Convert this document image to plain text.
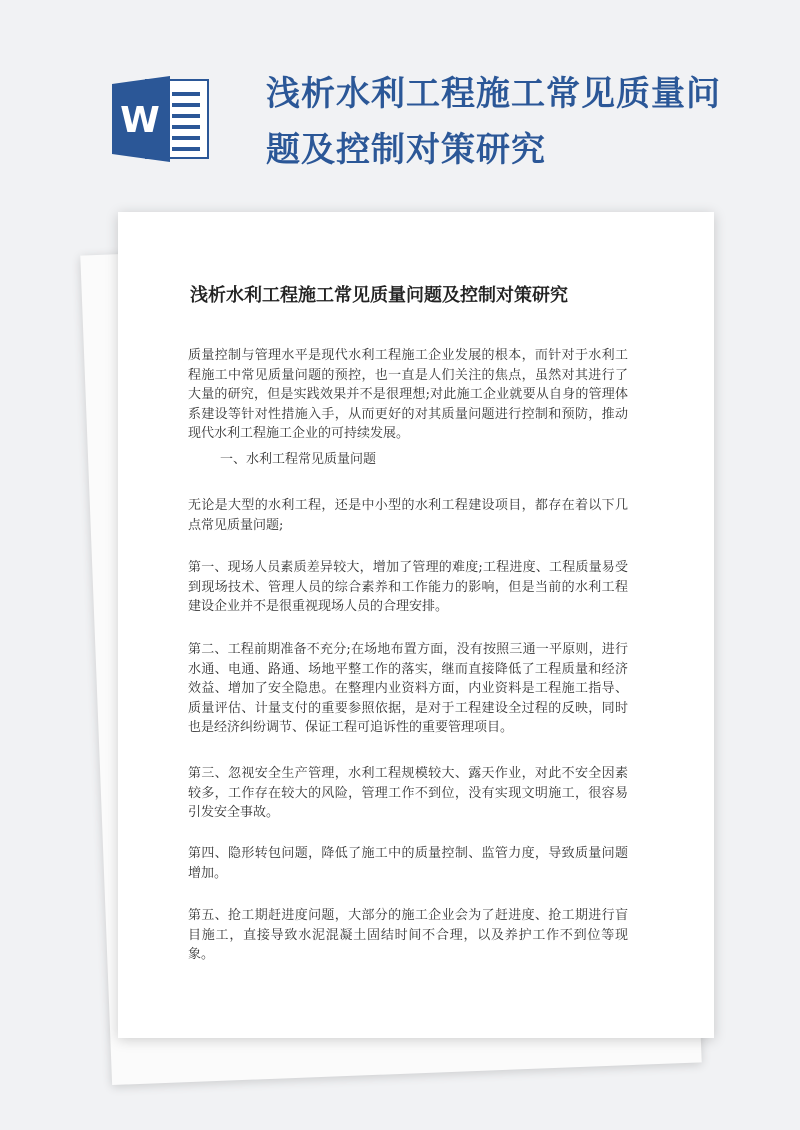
W
浅析水利工程施工常见质量问题及控制对策研究
浅析水利工程施工常见质量问题及控制对策研究

质量控制与管理水平是现代水利工程施工企业发展的根本，而针对于水利工程施工中常见质量问题的预控，也一直是人们关注的焦点，虽然对其进行了大量的研究，但是实践效果并不是很理想;对此施工企业就要从自身的管理体系建设等针对性措施入手，从而更好的对其质量问题进行控制和预防，推动现代水利工程施工企业的可持续发展。

一、水利工程常见质量问题

无论是大型的水利工程，还是中小型的水利工程建设项目，都存在着以下几点常见质量问题;

第一、现场人员素质差异较大，增加了管理的难度;工程进度、工程质量易受到现场技术、管理人员的综合素养和工作能力的影响，但是当前的水利工程建设企业并不是很重视现场人员的合理安排。

第二、工程前期准备不充分;在场地布置方面，没有按照三通一平原则，进行水通、电通、路通、场地平整工作的落实，继而直接降低了工程质量和经济效益、增加了安全隐患。在整理内业资料方面，内业资料是工程施工指导、质量评估、计量支付的重要参照依据，是对于工程建设全过程的反映，同时也是经济纠纷调节、保证工程可追诉性的重要管理项目。

第三、忽视安全生产管理，水利工程规模较大、露天作业，对此不安全因素较多，工作存在较大的风险，管理工作不到位，没有实现文明施工，很容易引发安全事故。

第四、隐形转包问题，降低了施工中的质量控制、监管力度，导致质量问题增加。

第五、抢工期赶进度问题，大部分的施工企业会为了赶进度、抢工期进行盲目施工，直接导致水泥混凝土固结时间不合理，以及养护工作不到位等现象。
